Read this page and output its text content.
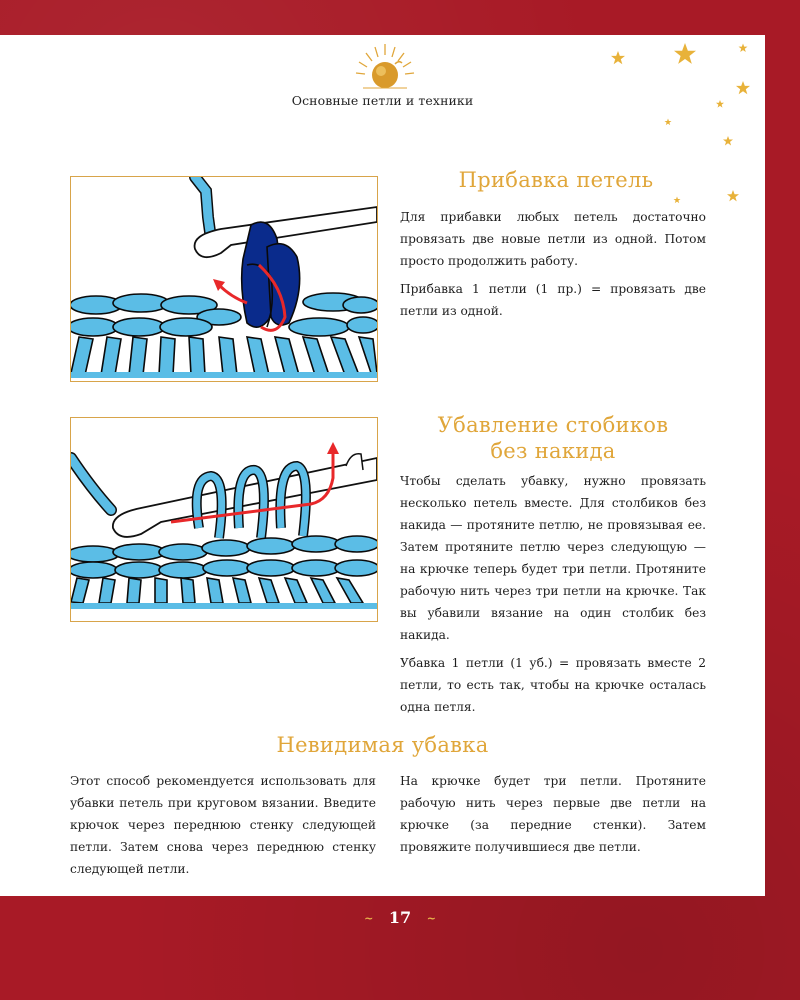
Основные петли и техники
Прибавка петель

Для прибавки любых петель достаточно провязать две новые петли из одной. Потом просто продолжить работу.

Прибавка 1 петли (1 пр.) = провязать две петли из одной.

Убавление стобиков
без накида

Чтобы сделать убавку, нужно провязать несколько петель вместе. Для столбиков без накида — протяните петлю, не провязывая ее. Затем протяните петлю через следующую — на крючке теперь будет три петли. Протяните рабочую нить через три петли на крючке. Так вы убавили вязание на один столбик без накида.

Убавка 1 петли (1 уб.) = провязать вместе 2 петли, то есть так, чтобы на крючке осталась одна петля.

Невидимая убавка

Этот способ рекомендуется использовать для убавки петель при круговом вязании. Введите крючок через переднюю стенку следующей петли. Затем снова через переднюю стенку следующей петли.

На крючке будет три петли. Протяните рабочую нить через первые две петли на крючке (за передние стенки). Затем провяжите получившиеся две петли.

~ 17 ~
